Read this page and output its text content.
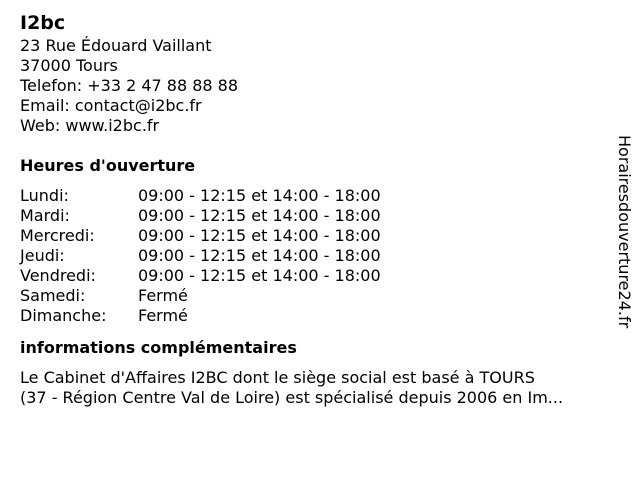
I2bc
23 Rue Édouard Vaillant
37000 Tours
Telefon: +33 2 47 88 88 88
Email: contact@i2bc.fr
Web: www.i2bc.fr
Heures d'ouverture
Lundi:	09:00 - 12:15 et 14:00 - 18:00
Mardi:	09:00 - 12:15 et 14:00 - 18:00
Mercredi:	09:00 - 12:15 et 14:00 - 18:00
Jeudi:	09:00 - 12:15 et 14:00 - 18:00
Vendredi:	09:00 - 12:15 et 14:00 - 18:00
Samedi:	Fermé
Dimanche:	Fermé
informations complémentaires
Le Cabinet d'Affaires I2BC dont le siège social est basé à TOURS
(37 - Région Centre Val de Loire) est spécialisé depuis 2006 en Im...
Horairesdouverture24.fr
